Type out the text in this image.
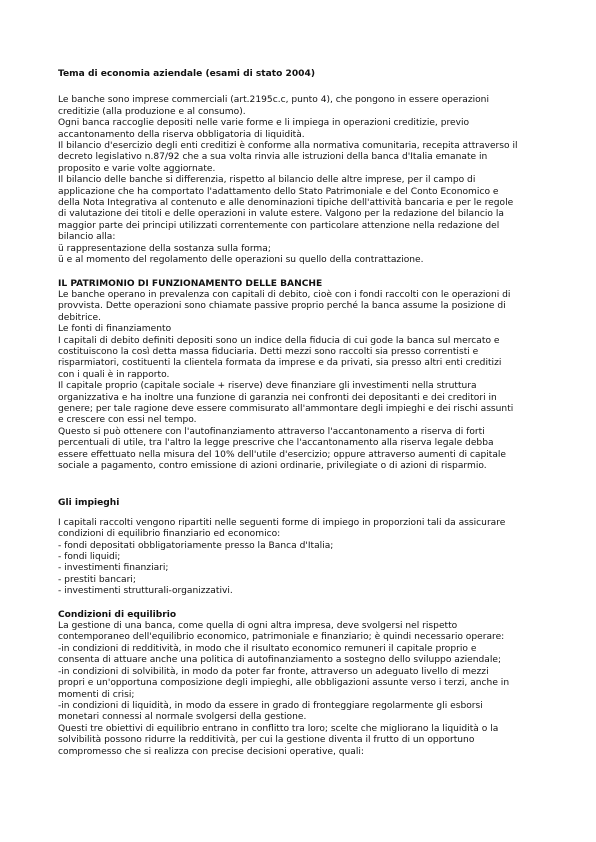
Tema di economia aziendale (esami di stato 2004)
Le banche sono imprese commerciali (art.2195c.c, punto 4), che pongono in essere operazioni
creditizie (alla produzione e al consumo).
Ogni banca raccoglie depositi nelle varie forme e li impiega in operazioni creditizie, previo
accantonamento della riserva obbligatoria di liquidità.
Il bilancio d'esercizio degli enti creditizi è conforme alla normativa comunitaria, recepita attraverso il
decreto legislativo n.87/92 che a sua volta rinvia alle istruzioni della banca d'Italia emanate in
proposito e varie volte aggiornate.
Il bilancio delle banche si differenzia, rispetto al bilancio delle altre imprese, per il campo di
applicazione che ha comportato l'adattamento dello Stato Patrimoniale e del Conto Economico e
della Nota Integrativa al contenuto e alle denominazioni tipiche dell'attività bancaria e per le regole
di valutazione dei titoli e delle operazioni in valute estere. Valgono per la redazione del bilancio la
maggior parte dei principi utilizzati correntemente con particolare attenzione nella redazione del
bilancio alla:
ü rappresentazione della sostanza sulla forma;
ü e al momento del regolamento delle operazioni su quello della contrattazione.
IL PATRIMONIO DI FUNZIONAMENTO DELLE BANCHE
Le banche operano in prevalenza con capitali di debito, cioè con i fondi raccolti con le operazioni di
provvista. Dette operazioni sono chiamate passive proprio perché la banca assume la posizione di
debitrice.
Le fonti di finanziamento
I capitali di debito definiti depositi sono un indice della fiducia di cui gode la banca sul mercato e
costituiscono la così detta massa fiduciaria. Detti mezzi sono raccolti sia presso correntisti e
risparmiatori, costituenti la clientela formata da imprese e da privati, sia presso altri enti creditizi
con i quali è in rapporto.
Il capitale proprio (capitale sociale + riserve) deve finanziare gli investimenti nella struttura
organizzativa e ha inoltre una funzione di garanzia nei confronti dei depositanti e dei creditori in
genere; per tale ragione deve essere commisurato all'ammontare degli impieghi e dei rischi assunti
e crescere con essi nel tempo.
Questo si può ottenere con l'autofinanziamento attraverso l'accantonamento a riserva di forti
percentuali di utile, tra l'altro la legge prescrive che l'accantonamento alla riserva legale debba
essere effettuato nella misura del 10% dell'utile d'esercizio; oppure attraverso aumenti di capitale
sociale a pagamento, contro emissione di azioni ordinarie, privilegiate o di azioni di risparmio.
Gli impieghi
I capitali raccolti vengono ripartiti nelle seguenti forme di impiego in proporzioni tali da assicurare
condizioni di equilibrio finanziario ed economico:
- fondi depositati obbligatoriamente presso la Banca d'Italia;
- fondi liquidi;
- investimenti finanziari;
- prestiti bancari;
- investimenti strutturali-organizzativi.
Condizioni di equilibrio
La gestione di una banca, come quella di ogni altra impresa, deve svolgersi nel rispetto
contemporaneo dell'equilibrio economico, patrimoniale e finanziario; è quindi necessario operare:
-in condizioni di redditività, in modo che il risultato economico remuneri il capitale proprio e
consenta di attuare anche una politica di autofinanziamento a sostegno dello sviluppo aziendale;
-in condizioni di solvibilità, in modo da poter far fronte, attraverso un adeguato livello di mezzi
propri e un'opportuna composizione degli impieghi, alle obbligazioni assunte verso i terzi, anche in
momenti di crisi;
-in condizioni di liquidità, in modo da essere in grado di fronteggiare regolarmente gli esborsi
monetari connessi al normale svolgersi della gestione.
Questi tre obiettivi di equilibrio entrano in conflitto tra loro; scelte che migliorano la liquidità o la
solvibilità possono ridurre la redditività, per cui la gestione diventa il frutto di un opportuno
compromesso che si realizza con precise decisioni operative, quali:
